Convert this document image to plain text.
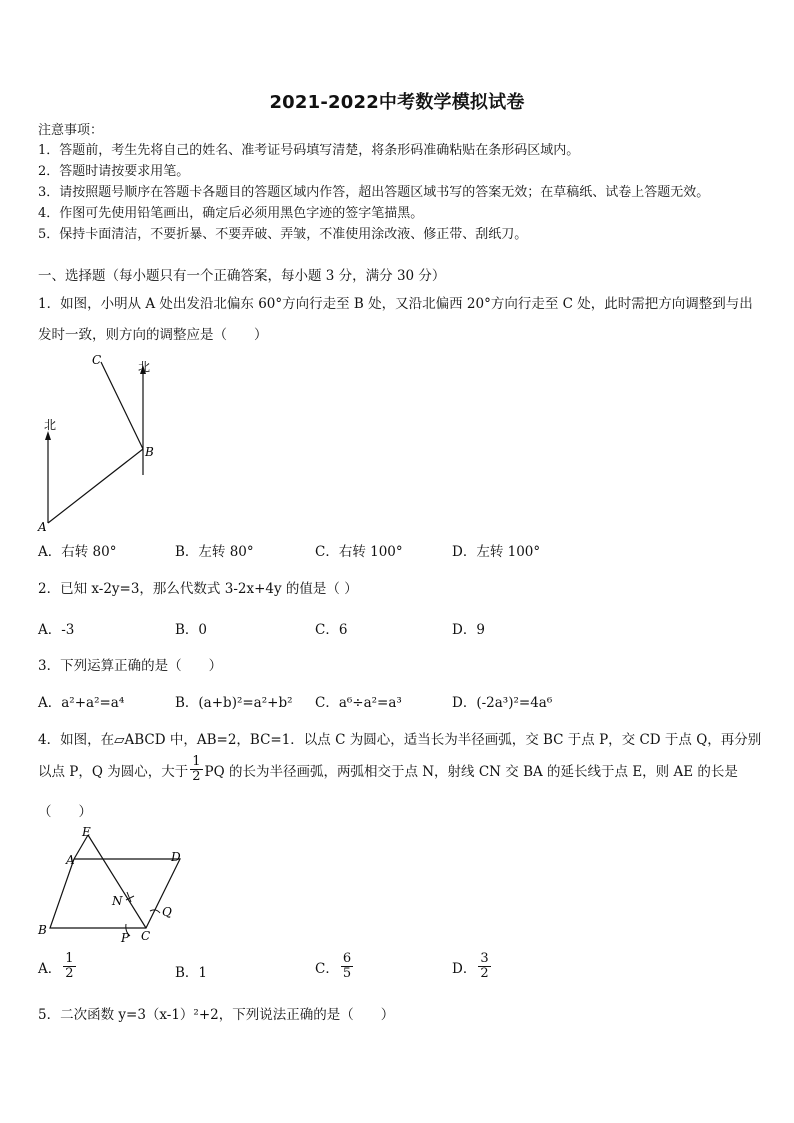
2021-2022中考数学模拟试卷
注意事项：
1．答题前，考生先将自己的姓名、准考证号码填写清楚，将条形码准确粘贴在条形码区域内。
2．答题时请按要求用笔。
3．请按照题号顺序在答题卡各题目的答题区域内作答，超出答题区域书写的答案无效；在草稿纸、试卷上答题无效。
4．作图可先使用铅笔画出，确定后必须用黑色字迹的签字笔描黑。
5．保持卡面清洁，不要折暴、不要弄破、弄皱，不准使用涂改液、修正带、刮纸刀。
一、选择题（每小题只有一个正确答案，每小题 3 分，满分 30 分）
1．如图，小明从 A 处出发沿北偏东 60°方向行走至 B 处，又沿北偏西 20°方向行走至 C 处，此时需把方向调整到与出
发时一致，则方向的调整应是（　　）
北
北
A
B
C
A．右转 80°	B．左转 80°	C．右转 100°	D．左转 100°
2．已知 x-2y=3，那么代数式 3-2x+4y 的值是（ ）
A．-3	B．0	C．6	D．9
3．下列运算正确的是（　　）
A．a²+a²=a⁴	B．(a+b)²=a²+b² C．a⁶÷a²=a³	D．(-2a³)²=4a⁶
4．如图，在▱ABCD 中，AB=2，BC=1．以点 C 为圆心，适当长为半径画弧，交 BC 于点 P，交 CD 于点 Q，再分别
以点 P，Q 为圆心，大于 $\frac{1}{2}$ PQ 的长为半径画弧，两弧相交于点 N，射线 CN 交 BA 的延长线于点 E，则 AE 的长是
（　　）
E
A	D
N
Q
B
P C
A． $\frac{1}{2}$	B．1	C． $\frac{6}{5}$	D． $\frac{3}{2}$
5．二次函数 y=3（x-1）²+2，下列说法正确的是（　　）
